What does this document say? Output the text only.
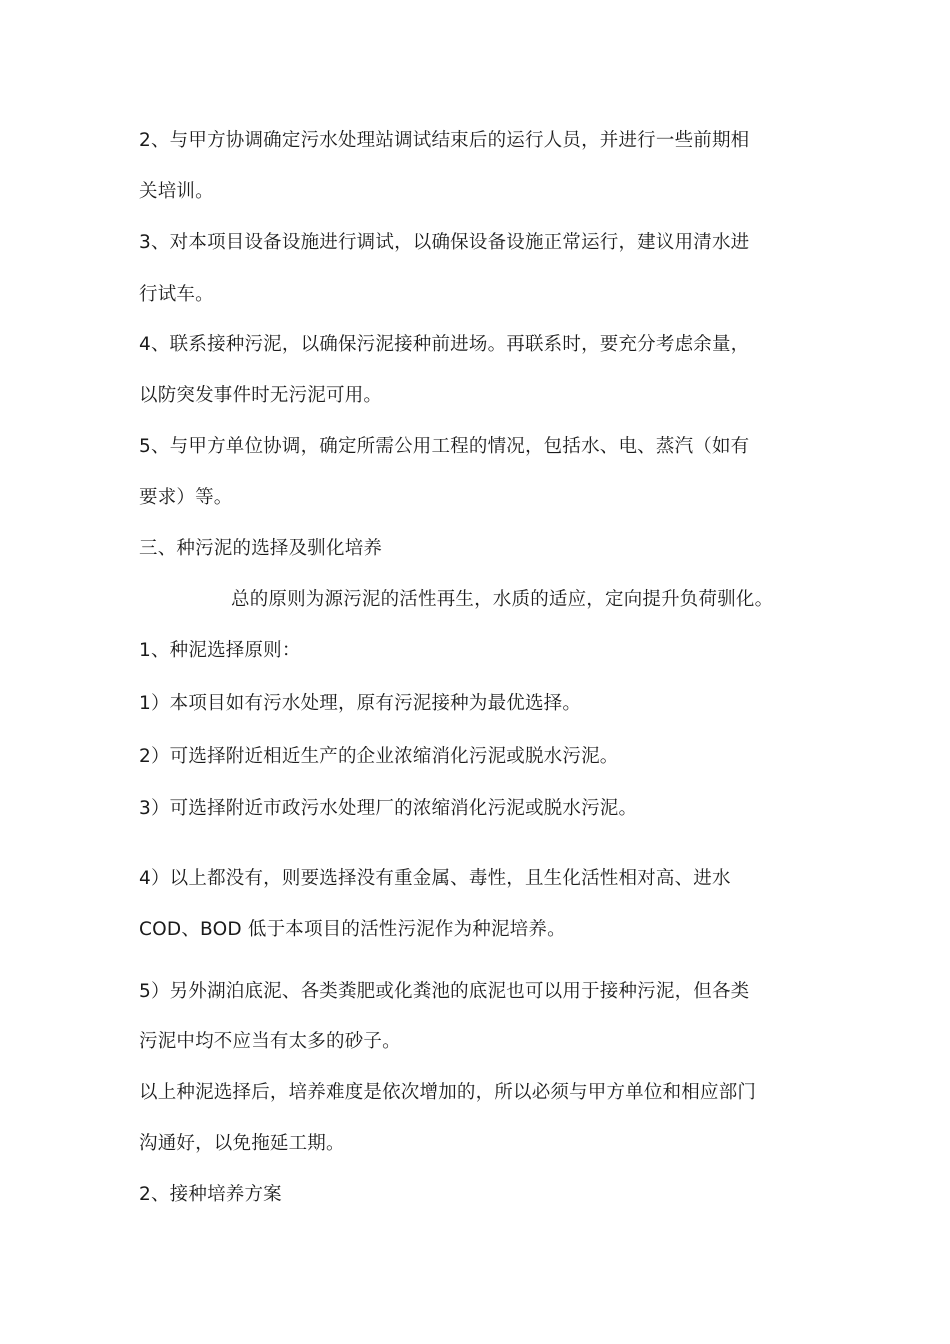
2、与甲方协调确定污水处理站调试结束后的运行人员，并进行一些前期相
关培训。
3、对本项目设备设施进行调试，以确保设备设施正常运行，建议用清水进
行试车。
4、联系接种污泥，以确保污泥接种前进场。再联系时，要充分考虑余量，
以防突发事件时无污泥可用。
5、与甲方单位协调，确定所需公用工程的情况，包括水、电、蒸汽（如有
要求）等。
三、种污泥的选择及驯化培养
总的原则为源污泥的活性再生，水质的适应，定向提升负荷驯化。
1、种泥选择原则：
1）本项目如有污水处理，原有污泥接种为最优选择。
2）可选择附近相近生产的企业浓缩消化污泥或脱水污泥。
3）可选择附近市政污水处理厂的浓缩消化污泥或脱水污泥。
4）以上都没有，则要选择没有重金属、毒性，且生化活性相对高、进水
COD、BOD 低于本项目的活性污泥作为种泥培养。
5）另外湖泊底泥、各类粪肥或化粪池的底泥也可以用于接种污泥，但各类
污泥中均不应当有太多的砂子。
以上种泥选择后，培养难度是依次增加的，所以必须与甲方单位和相应部门
沟通好，以免拖延工期。
2、接种培养方案
